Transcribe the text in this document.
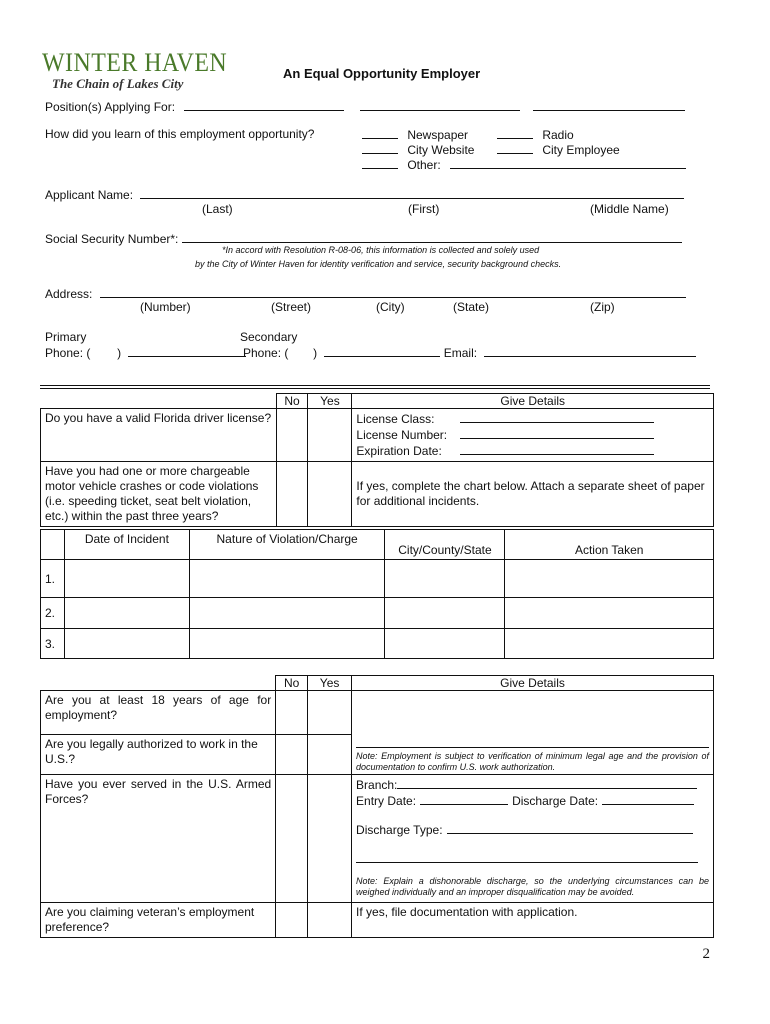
WINTER HAVEN
The Chain of Lakes City
An Equal Opportunity Employer
Position(s) Applying For:
How did you learn of this employment opportunity?	Newspaper	Radio
City Website	City Employee
Other:
Applicant Name:
(Last)	(First)	(Middle Name)
Social Security Number*:
*In accord with Resolution R-08-06, this information is collected and solely used
by the City of Winter Haven for identity verification and service, security background checks.
Address:
(Number)	(Street)	(City)	(State)	(Zip)
Primary	Secondary
Phone: ( )	Phone: ( )	Email:
	No	Yes	Give Details
Do you have a valid Florida driver license?			License Class:
License Number:
Expiration Date:

Have you had one or more chargeable motor vehicle crashes or code violations (i.e. speeding ticket, seat belt violation, etc.) within the past three years?			If yes, complete the chart below. Attach a separate sheet of paper for additional incidents.
	Date of Incident	Nature of Violation/Charge	City/County/State	Action Taken
1.				
2.				
3.				
	No	Yes	Give Details
Are you at least 18 years of age for employment?			
Are you legally authorized to work in the U.S.?			Note: Employment is subject to verification of minimum legal age and the provision of documentation to confirm U.S. work authorization.

Have you ever served in the U.S. Armed Forces?			Branch:
Entry Date: Discharge Date:
Discharge Type:
Note: Explain a dishonorable discharge, so the underlying circumstances can be weighed individually and an improper disqualification may be avoided.

Are you claiming veteran’s employment preference?			If yes, file documentation with application.
2
